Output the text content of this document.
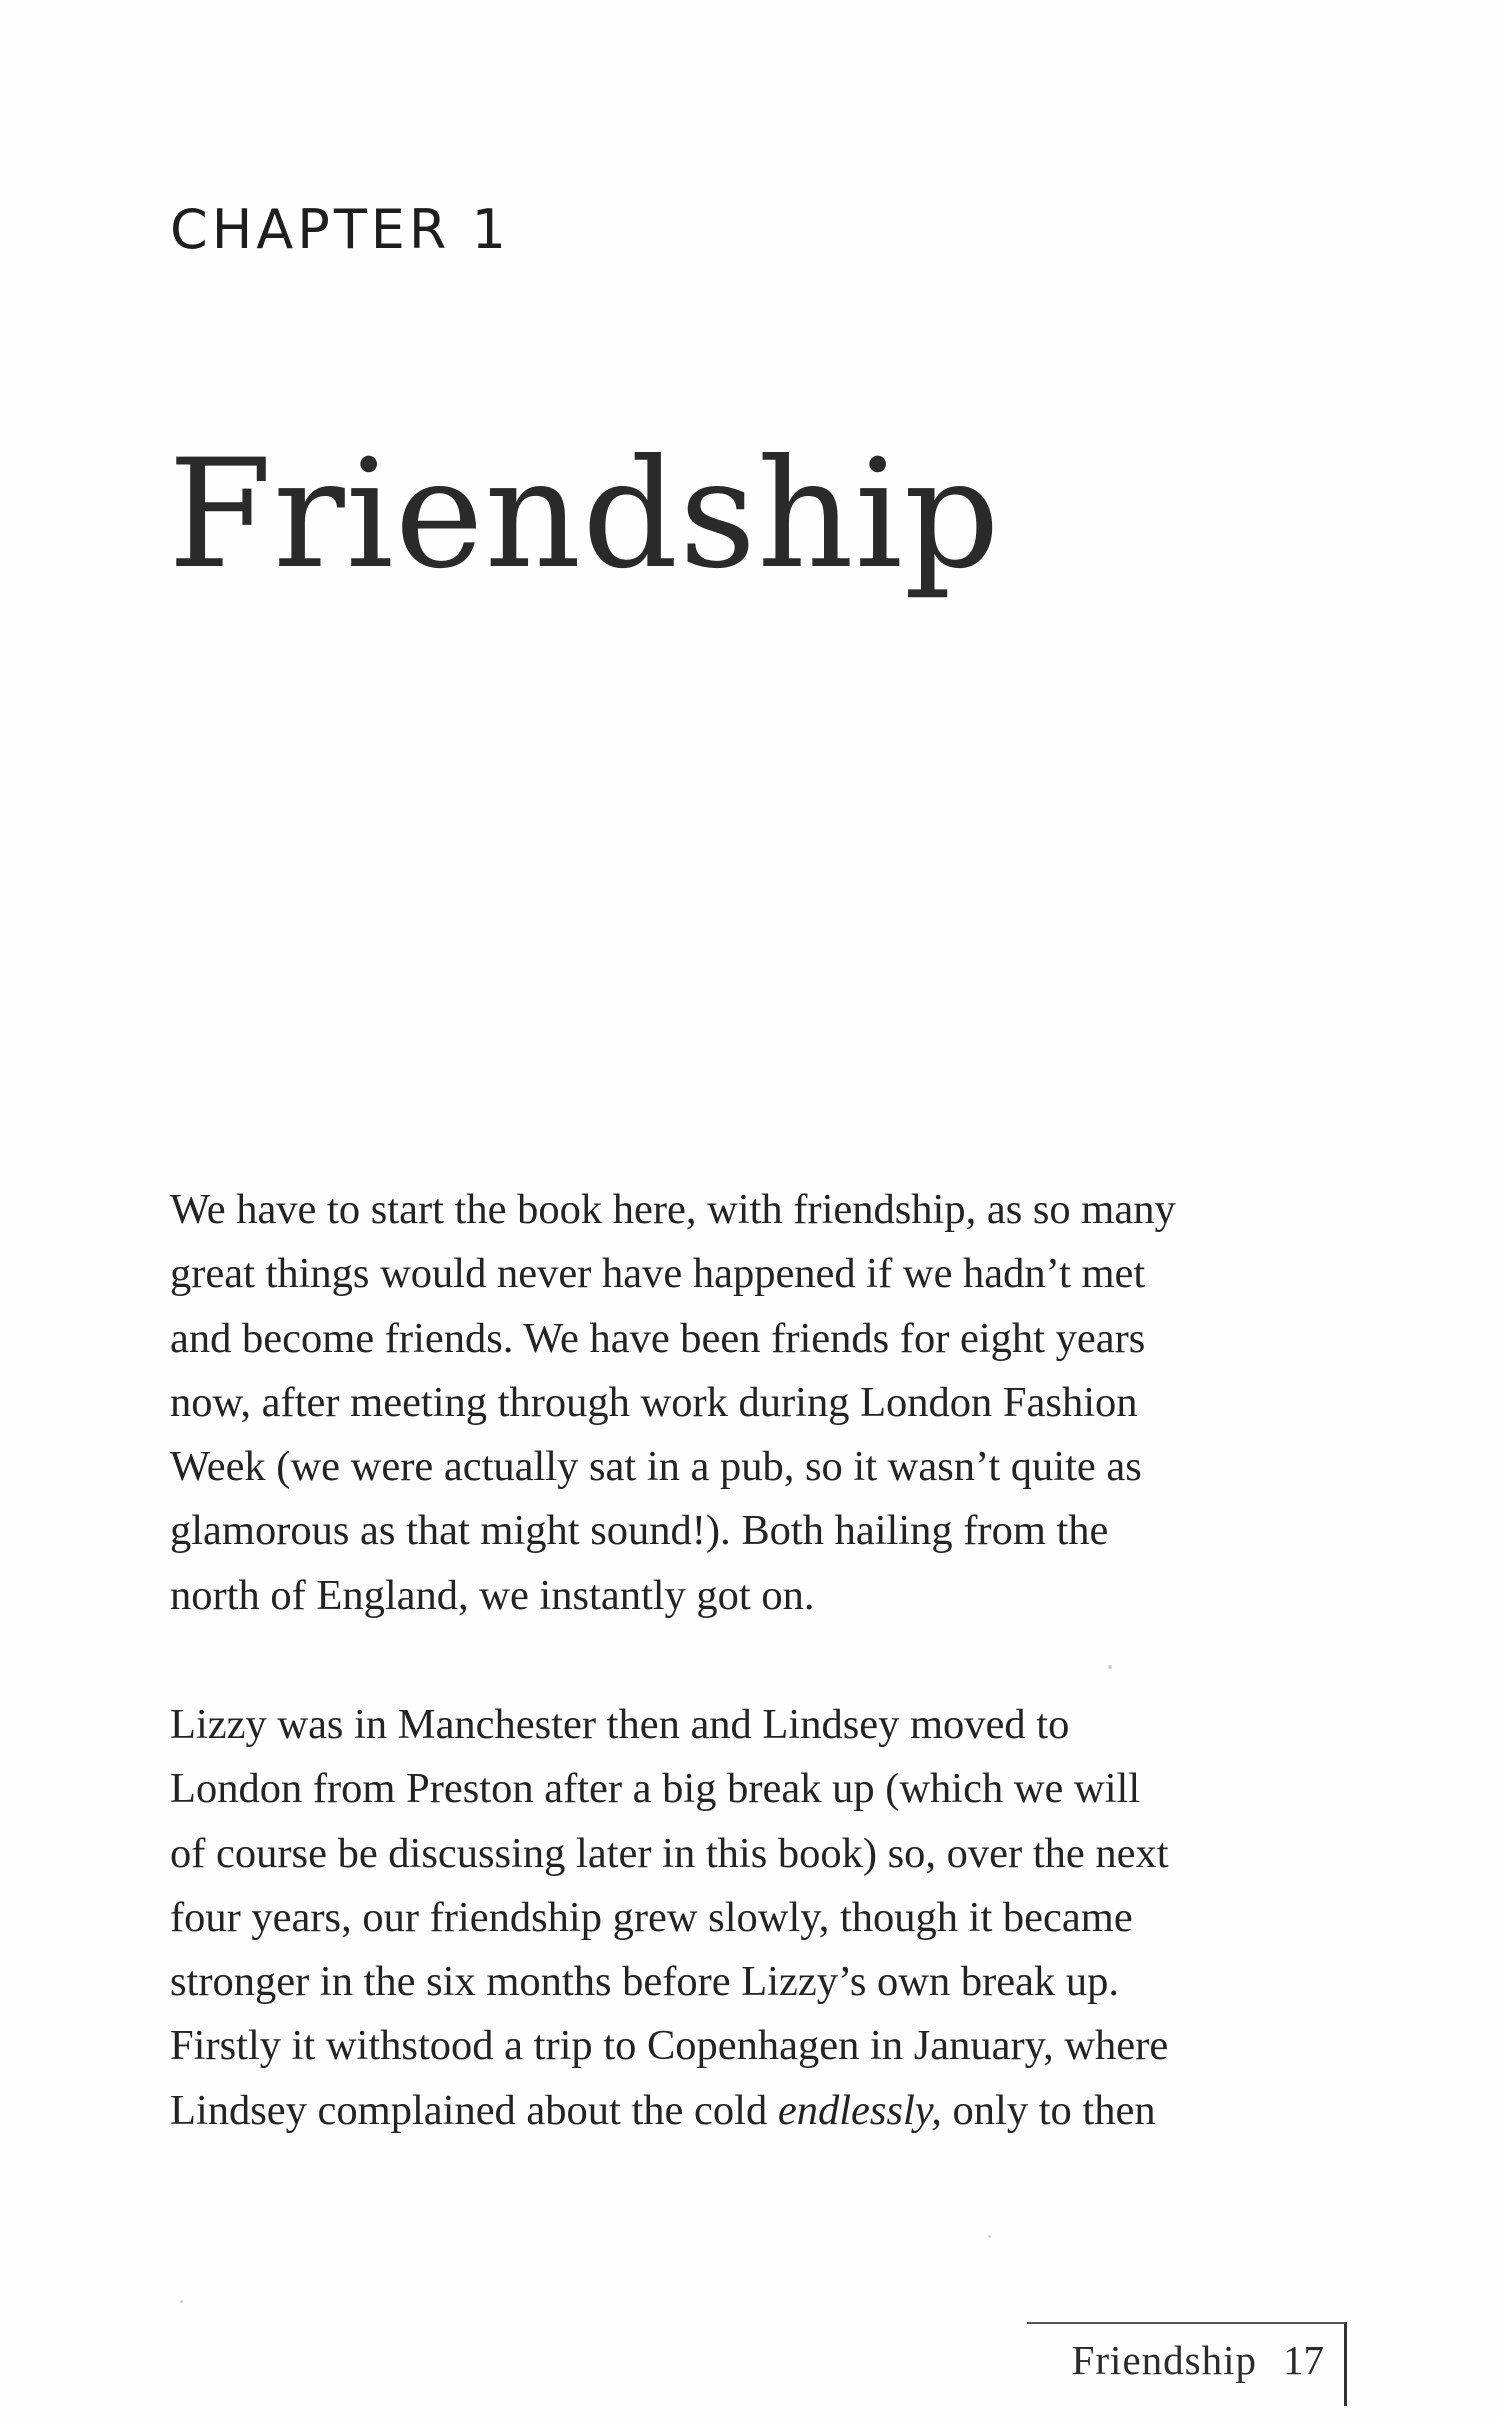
CHAPTER 1
Friendship

We have to start the book here, with friendship, as so many
great things would never have happened if we hadn’t met
and become friends. We have been friends for eight years
now, after meeting through work during London Fashion
Week (we were actually sat in a pub, so it wasn’t quite as
glamorous as that might sound!). Both hailing from the
north of England, we instantly got on.

Lizzy was in Manchester then and Lindsey moved to
London from Preston after a big break up (which we will
of course be discussing later in this book) so, over the next
four years, our friendship grew slowly, though it became
stronger in the six months before Lizzy’s own break up.
Firstly it withstood a trip to Copenhagen in January, where
Lindsey complained about the cold endlessly, only to then

Friendship 17
